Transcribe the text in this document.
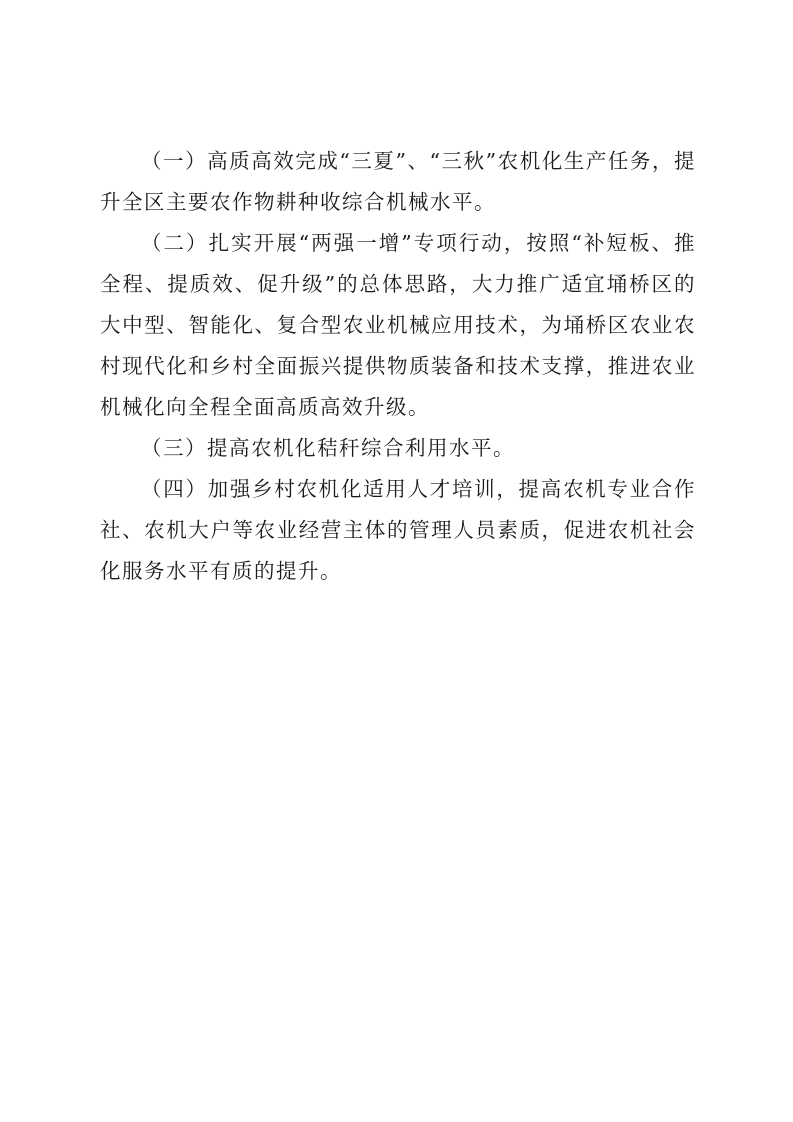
（一）高质高效完成“三夏”、“三秋”农机化生产任务，提升全区主要农作物耕种收综合机械水平。

（二）扎实开展“两强一增”专项行动，按照“补短板、推全程、提质效、促升级”的总体思路，大力推广适宜埇桥区的大中型、智能化、复合型农业机械应用技术，为埇桥区农业农村现代化和乡村全面振兴提供物质装备和技术支撑，推进农业机械化向全程全面高质高效升级。

（三）提高农机化秸秆综合利用水平。

（四）加强乡村农机化适用人才培训，提高农机专业合作社、农机大户等农业经营主体的管理人员素质，促进农机社会化服务水平有质的提升。
